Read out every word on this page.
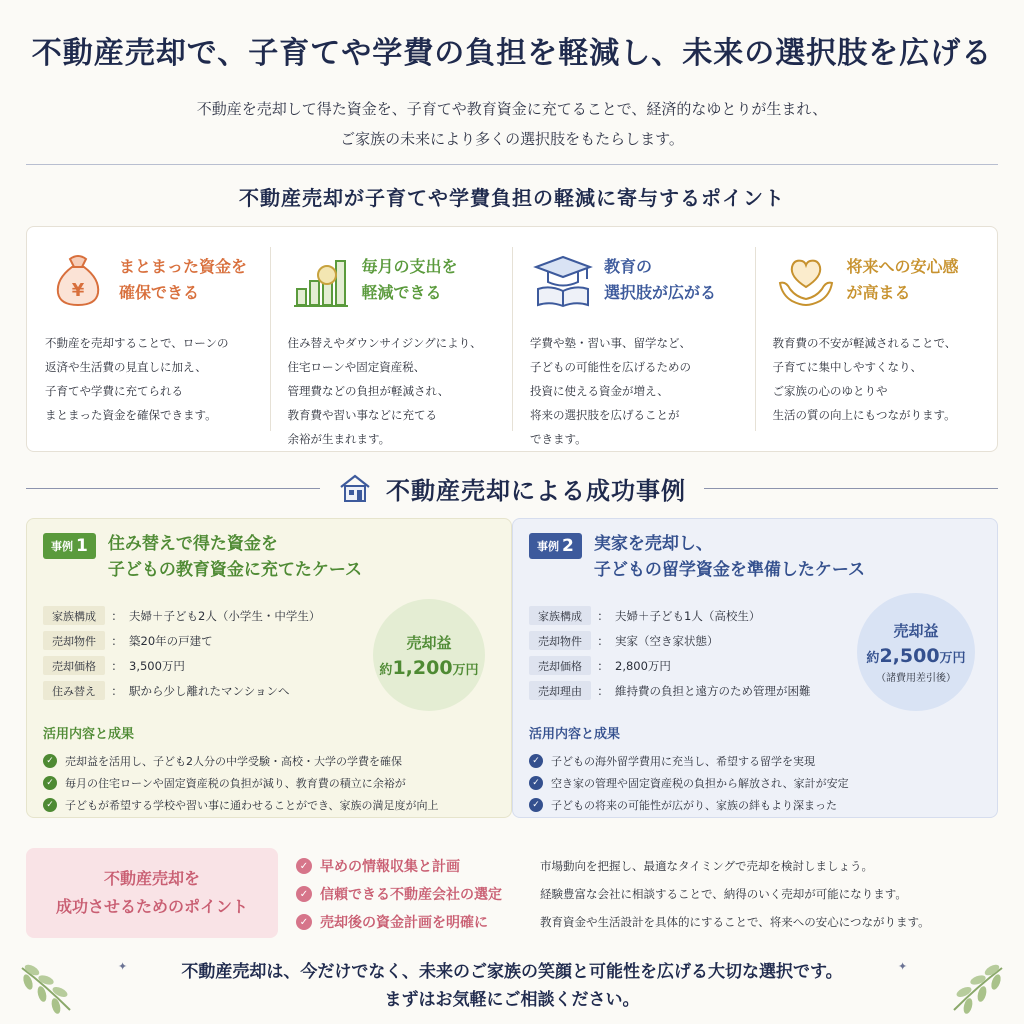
不動産売却で、子育てや学費の負担を軽減し、未来の選択肢を広げる
不動産を売却して得た資金を、子育てや教育資金に充てることで、経済的なゆとりが生まれ、
ご家族の未来により多くの選択肢をもたらします。
不動産売却が子育てや学費負担の軽減に寄与するポイント
¥
まとまった資金を
確保できる
不動産を売却することで、ローンの
返済や生活費の見直しに加え、
子育てや学費に充てられる
まとまった資金を確保できます。
毎月の支出を
軽減できる
住み替えやダウンサイジングにより、
住宅ローンや固定資産税、
管理費などの負担が軽減され、
教育費や習い事などに充てる
余裕が生まれます。
教育の
選択肢が広がる
学費や塾・習い事、留学など、
子どもの可能性を広げるための
投資に使える資金が増え、
将来の選択肢を広げることが
できます。
将来への安心感
が高まる
教育費の不安が軽減されることで、
子育てに集中しやすくなり、
ご家族の心のゆとりや
生活の質の向上にもつながります。
不動産売却による成功事例
事例 1 住み替えで得た資金を
子どもの教育資金に充てたケース
家族構成	： 夫婦＋子ども2人（小学生・中学生）
売却物件	： 築20年の戸建て
売却価格	： 3,500万円
住み替え	： 駅から少し離れたマンションへ
売却益
約1,200万円
活用内容と成果
✓ 売却益を活用し、子ども2人分の中学受験・高校・大学の学費を確保
✓ 毎月の住宅ローンや固定資産税の負担が減り、教育費の積立に余裕が
✓ 子どもが希望する学校や習い事に通わせることができ、家族の満足度が向上
事例 2 実家を売却し、
子どもの留学資金を準備したケース
家族構成	： 夫婦＋子ども1人（高校生）
売却物件	： 実家（空き家状態）
売却価格	： 2,800万円
売却理由	： 維持費の負担と遠方のため管理が困難
売却益
約2,500万円
（諸費用差引後）
活用内容と成果
✓ 子どもの海外留学費用に充当し、希望する留学を実現
✓ 空き家の管理や固定資産税の負担から解放され、家計が安定
✓ 子どもの将来の可能性が広がり、家族の絆もより深まった
不動産売却を
成功させるためのポイント
✓ 早めの情報収集と計画	市場動向を把握し、最適なタイミングで売却を検討しましょう。
✓ 信頼できる不動産会社の選定	経験豊富な会社に相談することで、納得のいく売却が可能になります。
✓ 売却後の資金計画を明確に	教育資金や生活設計を具体的にすることで、将来への安心につながります。
✦	✦
不動産売却は、今だけでなく、未来のご家族の笑顔と可能性を広げる大切な選択です。
まずはお気軽にご相談ください。
